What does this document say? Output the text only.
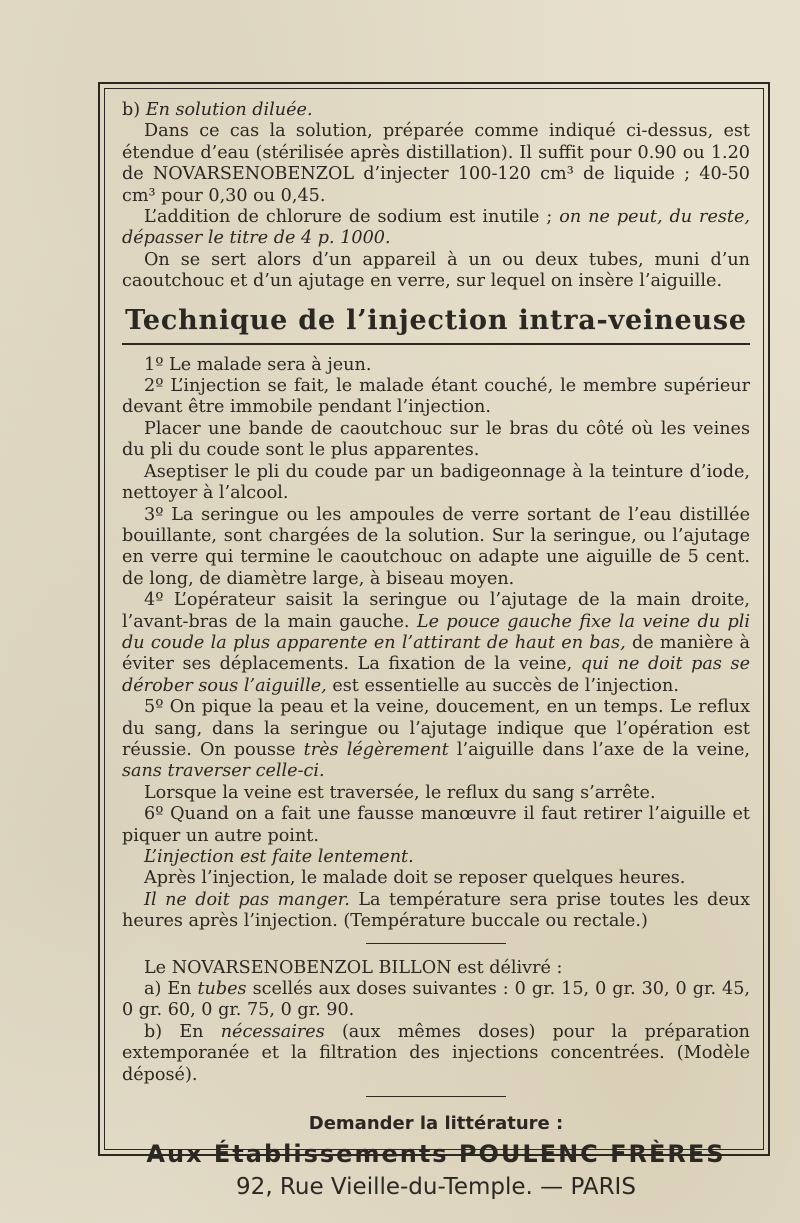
b) En solution diluée.

Dans ce cas la solution, préparée comme indiqué ci-dessus, est étendue d’eau (stérilisée après distillation). Il suffit pour 0.90 ou 1.20 de NOVARSENOBENZOL d’injecter 100-120 cm³ de liquide ; 40-50 cm³ pour 0,30 ou 0,45.

L’addition de chlorure de sodium est inutile ; on ne peut, du reste, dépasser le titre de 4 p. 1000.

On se sert alors d’un appareil à un ou deux tubes, muni d’un caoutchouc et d’un ajutage en verre, sur lequel on insère l’aiguille.

Technique de l’injection intra-veineuse

1º Le malade sera à jeun.

2º L’injection se fait, le malade étant couché, le membre supérieur devant être immobile pendant l’injection.

Placer une bande de caoutchouc sur le bras du côté où les veines du pli du coude sont le plus apparentes.

Aseptiser le pli du coude par un badigeonnage à la teinture d’iode, nettoyer à l’alcool.

3º La seringue ou les ampoules de verre sortant de l’eau distillée bouillante, sont chargées de la solution. Sur la seringue, ou l’ajutage en verre qui termine le caoutchouc on adapte une aiguille de 5 cent. de long, de diamètre large, à biseau moyen.

4º L’opérateur saisit la seringue ou l’ajutage de la main droite, l’avant-bras de la main gauche. Le pouce gauche fixe la veine du pli du coude la plus apparente en l’attirant de haut en bas, de manière à éviter ses déplacements. La fixation de la veine, qui ne doit pas se dérober sous l’aiguille, est essentielle au succès de l’injection.

5º On pique la peau et la veine, doucement, en un temps. Le reflux du sang, dans la seringue ou l’ajutage indique que l’opération est réussie. On pousse très légèrement l’aiguille dans l’axe de la veine, sans traverser celle-ci.

Lorsque la veine est traversée, le reflux du sang s’arrête.

6º Quand on a fait une fausse manœuvre il faut retirer l’aiguille et piquer un autre point.

L’injection est faite lentement.

Après l’injection, le malade doit se reposer quelques heures.

Il ne doit pas manger. La température sera prise toutes les deux heures après l’injection. (Température buccale ou rectale.)

Le NOVARSENOBENZOL BILLON est délivré :

a) En tubes scellés aux doses suivantes : 0 gr. 15, 0 gr. 30, 0 gr. 45, 0 gr. 60, 0 gr. 75, 0 gr. 90.

b) En nécessaires (aux mêmes doses) pour la préparation extemporanée et la filtration des injections concentrées. (Modèle déposé).

Demander la littérature :
Aux Établissements POULENC FRÈRES
92, Rue Vieille-du-Temple. — PARIS
